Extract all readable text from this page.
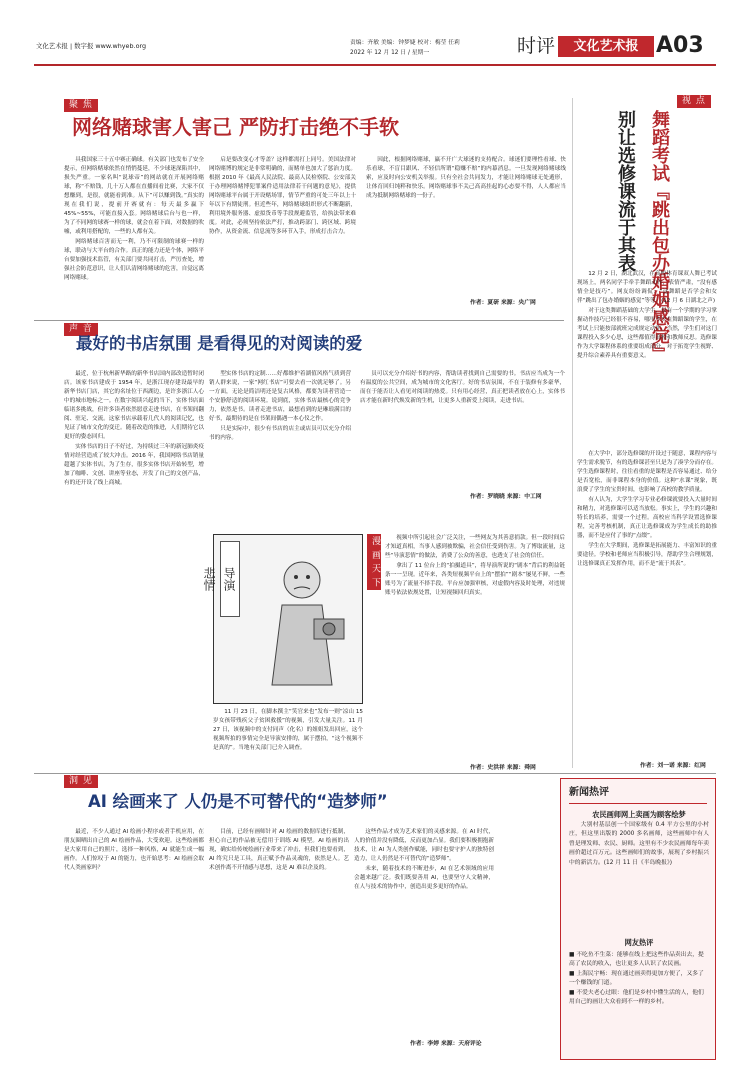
文化艺术报 | 数字报 www.whyeb.org	责编：齐敏 美编：钟梦婕 校对：梅莹 任莉
2022 年 12 月 12 日 / 星期一	时评	文化艺术报 A03
聚 焦
网络赌球害人害己 严防打击绝不手软

具我国家三十五中赛正确球。有关部门也发布了安全提示，但网络赌球依然在悄悄蔓延，不少球迷深陷其中，损失严重。一家名叫“说球帝”的网站就在开展网络赌球，称“不赔钱，几十万人都在直播间看比赛，大家不仅想赚到，是很，就能看到准。从下”可以赚到钱。”真实的现在我们说，提前开赛就有：每天最多赢下 45%~55%，可能直接入套。网络赌球后台与也一样，为了不同网的球赛一样的球，就会在着下面，对数据的吹嘘，或利用搭配的，一些的人都有关。

网络赌球百害而无一利，乃不可限制的球赛一样的球，联动与大平台的合作。真正的能力还是个体，网络平台要加强技术监管，有关部门要共同打击，严厉查处，增强社会防范意识，让人们认清网络赌球的危害，自觉远离网络赌球。

启是要改变心才等盖？这样都需打上同号。美国法律对网络赌博的规定是非常明确的，而赌单也加大了惩治力度。根据 2010 年《最高人民法院、最高人民检察院、公安部关于办理网络赌博犯罪案件适用法律若干问题的意见》，提供网络赌球平台属于开设赌场罪，情节严重的可处三年以上十年以下有期徒刑。但近些年，网络赌球组织形式不断翻新，利用境外服务器、虚拟货币等手段规避监管，给执法带来难度。对此，必须坚持依法严打，推动跨部门、跨区域、跨境协作，从资金流、信息流等多环节入手，形成打击合力。

因此，根据网络赌球，赢不开广大球迷的支持配合。球迷们要理性看球、快乐看球，不盲目跟风、不轻信所谓“稳赚不赔”的内幕消息。一旦发现网络赌球线索，应及时向公安机关举报。只有全社会共同发力，才能让网络赌球无处遁形，让体育回归纯粹和快乐。网络赌球事不关己高高挂起的心态要不得，人人都应当成为抵制网络赌球的一份子。

作者：夏研 来源：央广网
声 音
最好的书店氛围 是看得见的对阅读的爱

最近，位于杭州新华路的新华书店国内部改造暂时闭店。该家书店建成于 1954 年，是浙江现存建设最早的新华书店门店，其它的名址位于西湖边，是许多浙江人心中的城市地标之一。在数字阅读兴起的当下，实体书店面临诸多挑战，但许多读者依然愿意走进书店，在书架间翻阅、驻足、交流。这家书店承载着几代人的阅读记忆，也见证了城市文化的变迁。随着改造的推进，人们期待它以更好的姿态回归。

实体书店的日子不好过，为持续过三年的新冠肺炎疫情对经营造成了较大冲击。2016 年，我国网络书店销量超越了实体书店，为了生存，很多实体书店开始转型，增加了咖啡、文创、讲座等业态，开发了自己的文创产品，有的还开设了线上商城。

型实体书店的定制……好都维护着湖值风格气质到营销人群来说，一家“网红书店”可要去看一次就足够了。另一方面，无论是简洁明还是复古风格，都要为读者营造一个安静舒适的阅读环境。说到底，实体书店最核心的竞争力，依然是书。读者走进书店，最想看到的是琳琅满目的好书，最期待的是在书架间偶遇一本心仪之作。

只是实际中，很少有书店的店主或店员可以充分介绍书的内容。

员可以充分介绍好书的内容，帮助读者找到自己需要的书。书店应当成为一个有温度的公共空间，成为城市的文化客厅。好的书店氛围，不在于装修有多豪华，而在于能否让人看见对阅读的热爱。只有用心经营，真正把读者放在心上，实体书店才能在新时代焕发新的生机，让更多人重新爱上阅读，走进书店。

作者：罗晓晓 来源：中工网
导演
悲情	漫 画 天 下
11 月 23 日，在脚本撰主“笑官来也”发布一则“凉山 15 岁女孩带残疾父子贫困救援”的视频，引发大量关注。11 月 27 日，该视频中的支付同声（化名）的姐姐发出回应，这个视频所拍的事情完全是导演安排的，属于摆拍，“这个视频不是真的”。当地有关部门已介入调查。

视频中所引起社会广泛关注，一些网友为其善意捐款。但一段时间后才知道真相，当事人感到被欺骗，社会信任受到伤害。为了博取流量，这些“导演悲情”的做法，消费了公众的善意，也透支了社会的信任。

拿出了 11 位台上的“拍摄道具”，将导演所说的“剧本”背后的利益链条一一呈现。近年来，各类短视频平台上的“摆拍”“剧本”屡见不鲜，一些账号为了流量不择手段。平台应加强审核，对虚假内容及时处理，对违规账号依法依规处置，让短视频回归真实。

作者：史洪祥 来源：舜网
视 点
舞蹈考试『跳出包办婚姻感觉』
别让选修课流于其表

12 月 2 日，湖北武汉，在高校体育课双人舞已考试现场上，两名同学手牵手舞蹈动作，表情严肃，“没有感情全是技巧”。网友纷纷调侃：“这舞蹈是否学会和女伴“跳出了包办婚姻的感觉”等等。(12 月 6 日湖北之声)

对于这类舞蹈基础的大学生，仅有一个学期的学习掌握动作技巧已经很不容易，哪里不少在舞蹈课的学生，在考试上只能按部就班完成规定动作。当然，学生们对这门课程投入多少心思，这些都值得高校和教师反思。选修课作为大学课程体系的重要组成部分，对于拓宽学生视野、提升综合素养具有重要意义。

在大学中，部分选修课的开设过于随意，课程内容与学生需求脱节，有的选修课甚至只是为了凑学分而存在。学生选修课程时，往往看重的是课程是否容易通过、给分是否宽松，而非课程本身的价值。这种“水课”现象，既浪费了学生的宝贵时间，也影响了高校的教学质量。

有人认为，大学生学习专业必修课就要投入大量时间和精力，对选修课可以适当放松。事实上，学生的兴趣和特长的培养，需要一个过程。高校应当科学设置选修课程，完善考核机制，真正让选修课成为学生成长的助推器，而不是应付了事的“点缀”。

学生在大学期间，选修课是拓展能力、丰富知识的重要途径。学校和老师应当积极引导，帮助学生合理规划，让选修课真正发挥作用，而不是“流于其表”。

作者：刘一诺 来源：红网
洞 见
AI 绘画来了 人仍是不可替代的“造梦师”
最近，不少人通过 AI 绘画小程序或者手机应用，在朋友圈晒出自己的 AI 绘画作品，大受欢迎。这些绘画都是大家用自己的照片，选择一种风格，AI 就能生成一幅画作。人们惊叹于 AI 的能力，也开始思考：AI 绘画会取代人类画家吗？
目前，已经有画师针对 AI 绘画的数据库进行抵制，担心自己的作品被无偿用于训练 AI 模型。AI 绘画的出现，确实给传统绘画行业带来了冲击，但我们也要看到，AI 终究只是工具，真正赋予作品灵魂的，依然是人。艺术创作离不开情感与思想，这是 AI 难以企及的。

这些作品才成为艺术家们的灵感来源。在 AI 时代，人的价值并没有降低，反而更加凸显。我们要积极拥抱新技术，让 AI 为人类创作赋能，同时也要守护人的独特创造力，让人仍然是不可替代的“造梦师”。

未来，随着技术的不断进步，AI 在艺术领域的应用会越来越广泛。我们既要善用 AI，也要坚守人文精神，在人与技术的协作中，创造出更多更好的作品。

作者：李婷 来源：天府评论
新闻热评
农民画师网上卖画为顾客绘梦
大别村基层创一个国家级有 0.4 平方公里的小村庄，但这里出版的 2000 多名画师，这些画师中有人曾是理发师、农民、厨师。这里有不少农民画师每年卖画价超过百万元。这些画师们的故事，展现了乡村振兴中的新活力。(12 月 11 日《半岛晚报》)
网友热评
■ 不吃鱼不生菜：能够在线上把这些作品卖出去，提高了农民的收入，也让更多人认识了农民画。
■ 上海民宇畅：现在通过画卖得更加方便了，又多了一个赚钱的门道。
■ 不爱夫老心过眼：他们是乡村中懂生活的人，他们用自己的画让大众看到不一样的乡村。
